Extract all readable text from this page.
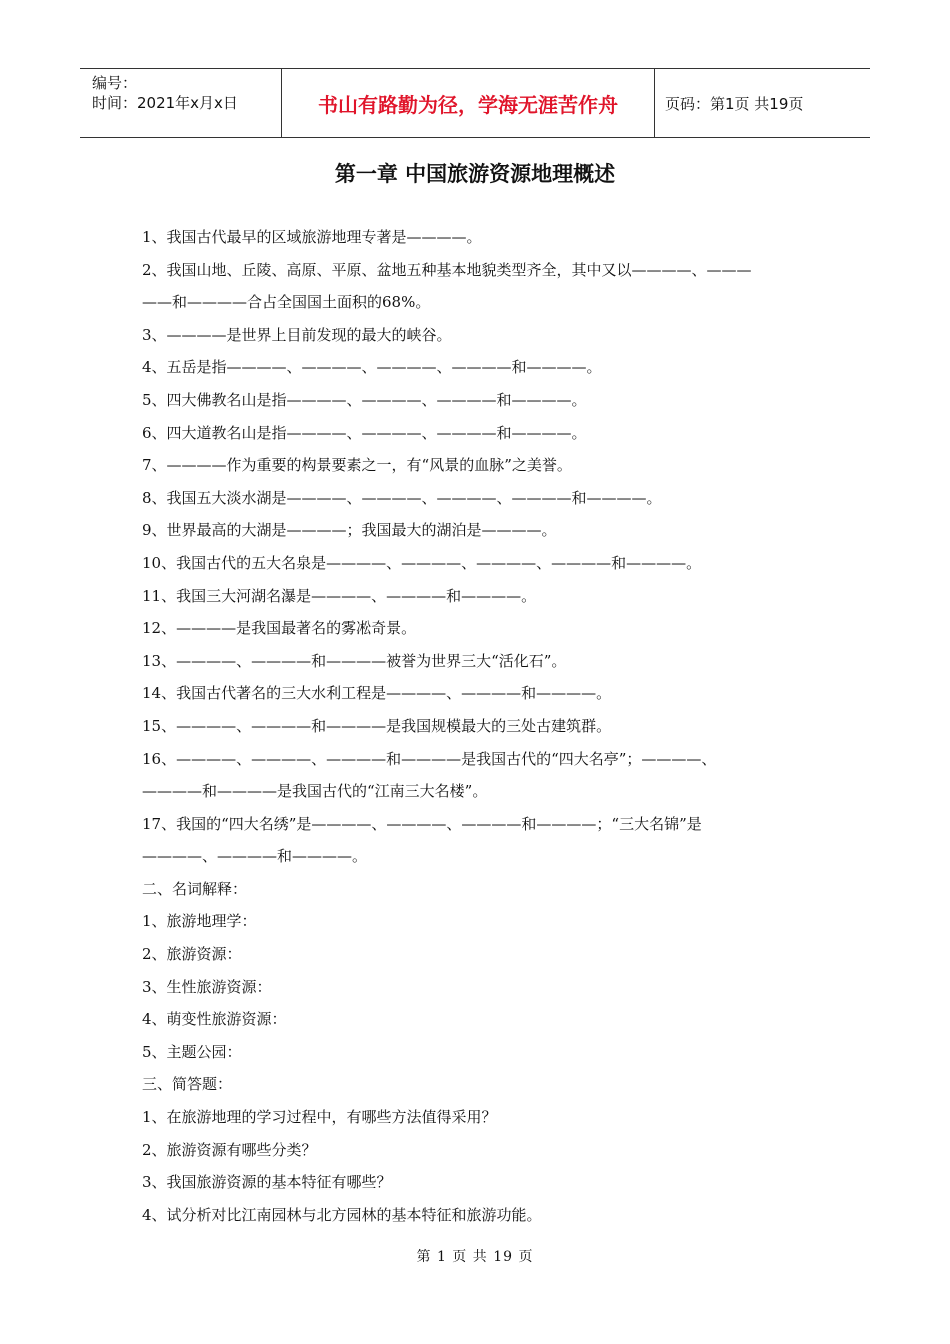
编号：
时间：2021年x月x日	书山有路勤为径，学海无涯苦作舟	页码：第1页 共19页
第一章 中国旅游资源地理概述
1、我国古代最早的区域旅游地理专著是————。
2、我国山地、丘陵、高原、平原、盆地五种基本地貌类型齐全，其中又以————、———
——和————合占全国国土面积的68%。
3、————是世界上目前发现的最大的峡谷。
4、五岳是指————、————、————、————和————。
5、四大佛教名山是指————、————、————和————。
6、四大道教名山是指————、————、————和————。
7、————作为重要的构景要素之一，有“风景的血脉”之美誉。
8、我国五大淡水湖是————、————、————、————和————。
9、世界最高的大湖是————；我国最大的湖泊是————。
10、我国古代的五大名泉是————、————、————、————和————。
11、我国三大河湖名瀑是————、————和————。
12、————是我国最著名的雾凇奇景。
13、————、————和————被誉为世界三大“活化石”。
14、我国古代著名的三大水利工程是————、————和————。
15、————、————和————是我国规模最大的三处古建筑群。
16、————、————、————和————是我国古代的“四大名亭”；————、
————和————是我国古代的“江南三大名楼”。
17、我国的“四大名绣”是————、————、————和————；“三大名锦”是
————、————和————。
二、名词解释：
1、旅游地理学：
2、旅游资源：
3、生性旅游资源：
4、萌变性旅游资源：
5、主题公园：
三、简答题：
1、在旅游地理的学习过程中，有哪些方法值得采用？
2、旅游资源有哪些分类？
3、我国旅游资源的基本特征有哪些？
4、试分析对比江南园林与北方园林的基本特征和旅游功能。
第 1 页 共 19 页
